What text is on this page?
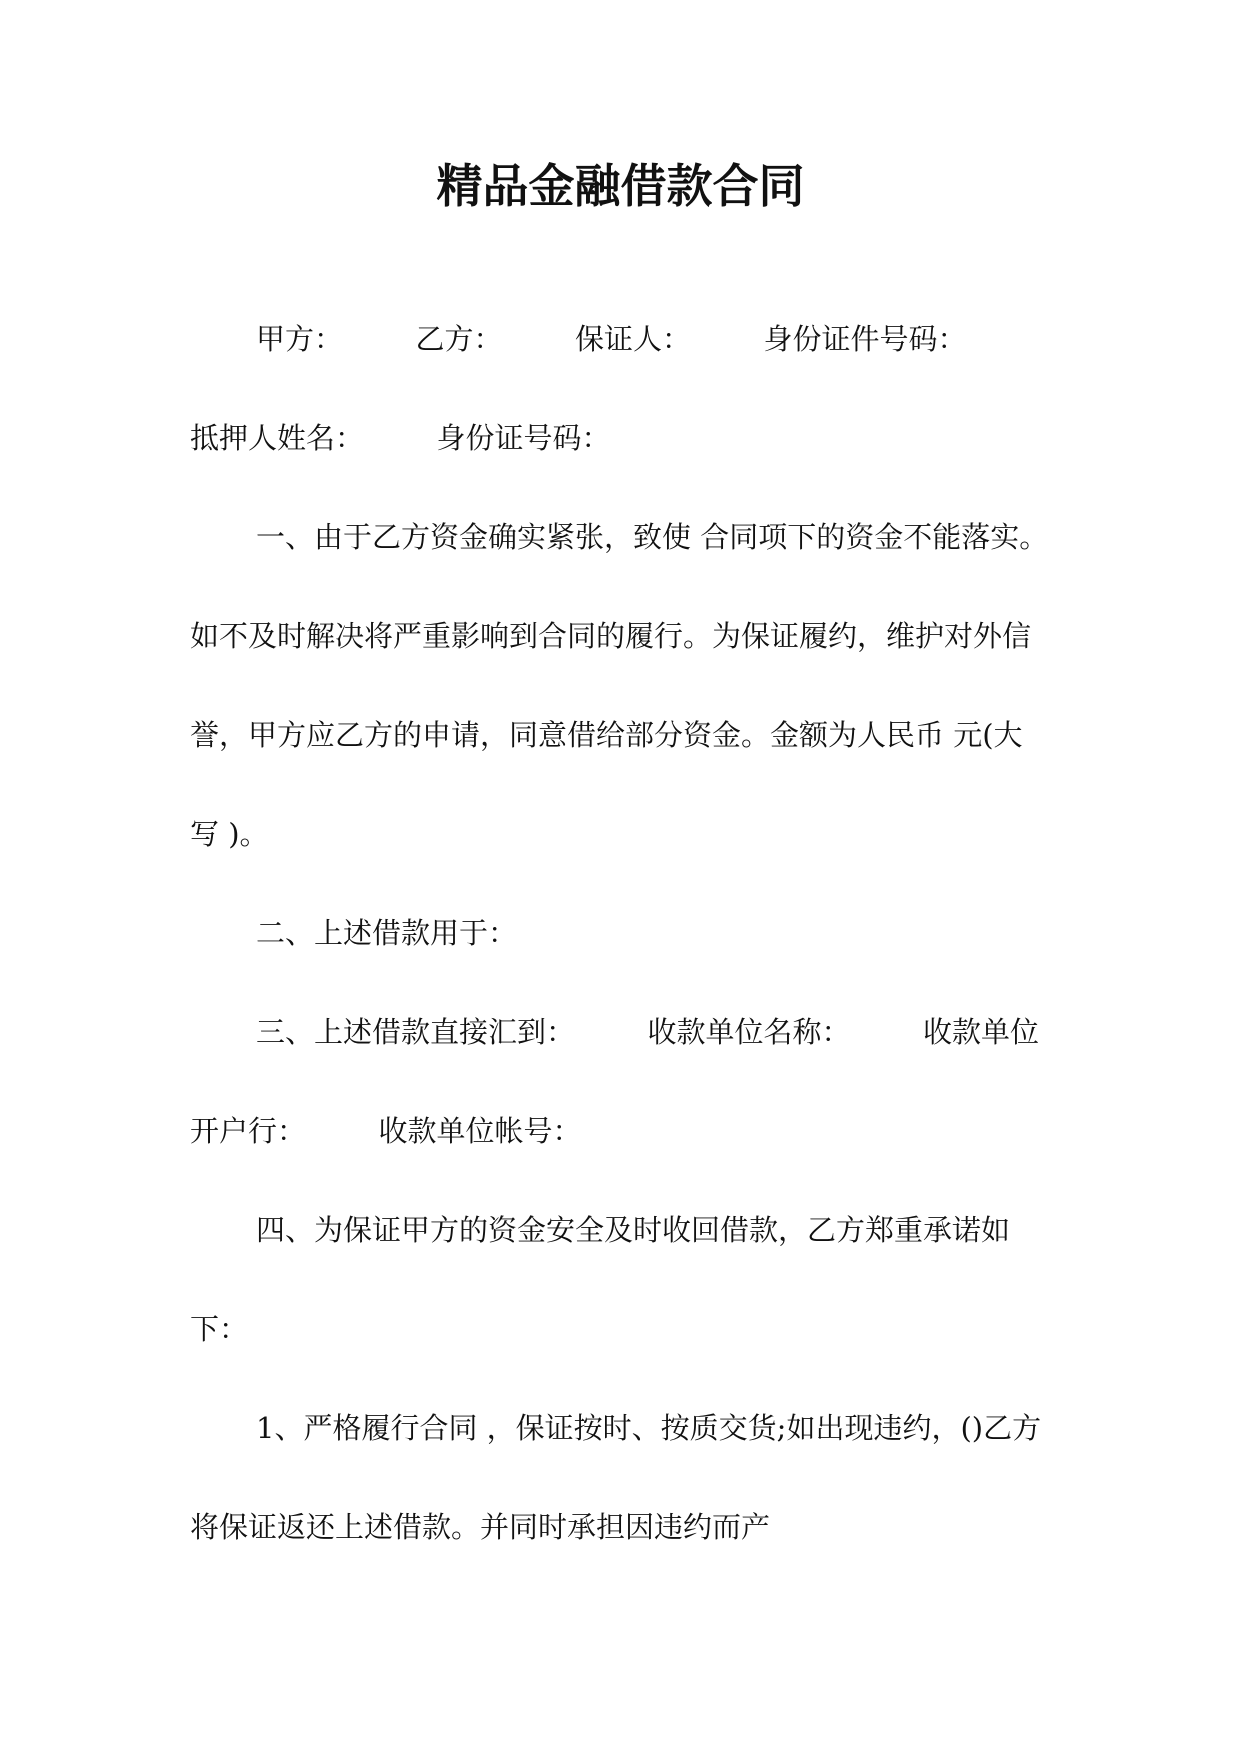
精品金融借款合同

甲方：　　　乙方：　　　保证人：　　　身份证件号码：

抵押人姓名：　　　身份证号码：

一、由于乙方资金确实紧张，致使 合同项下的资金不能落实。如不及时解决将严重影响到合同的履行。为保证履约，维护对外信誉，甲方应乙方的申请，同意借给部分资金。金额为人民币 元(大写 )。

二、上述借款用于：

三、上述借款直接汇到：　　　收款单位名称：　　　收款单位开户行：　　　收款单位帐号：

四、为保证甲方的资金安全及时收回借款，乙方郑重承诺如下：

1、严格履行合同 ，保证按时、按质交货;如出现违约，()乙方将保证返还上述借款。并同时承担因违约而产
